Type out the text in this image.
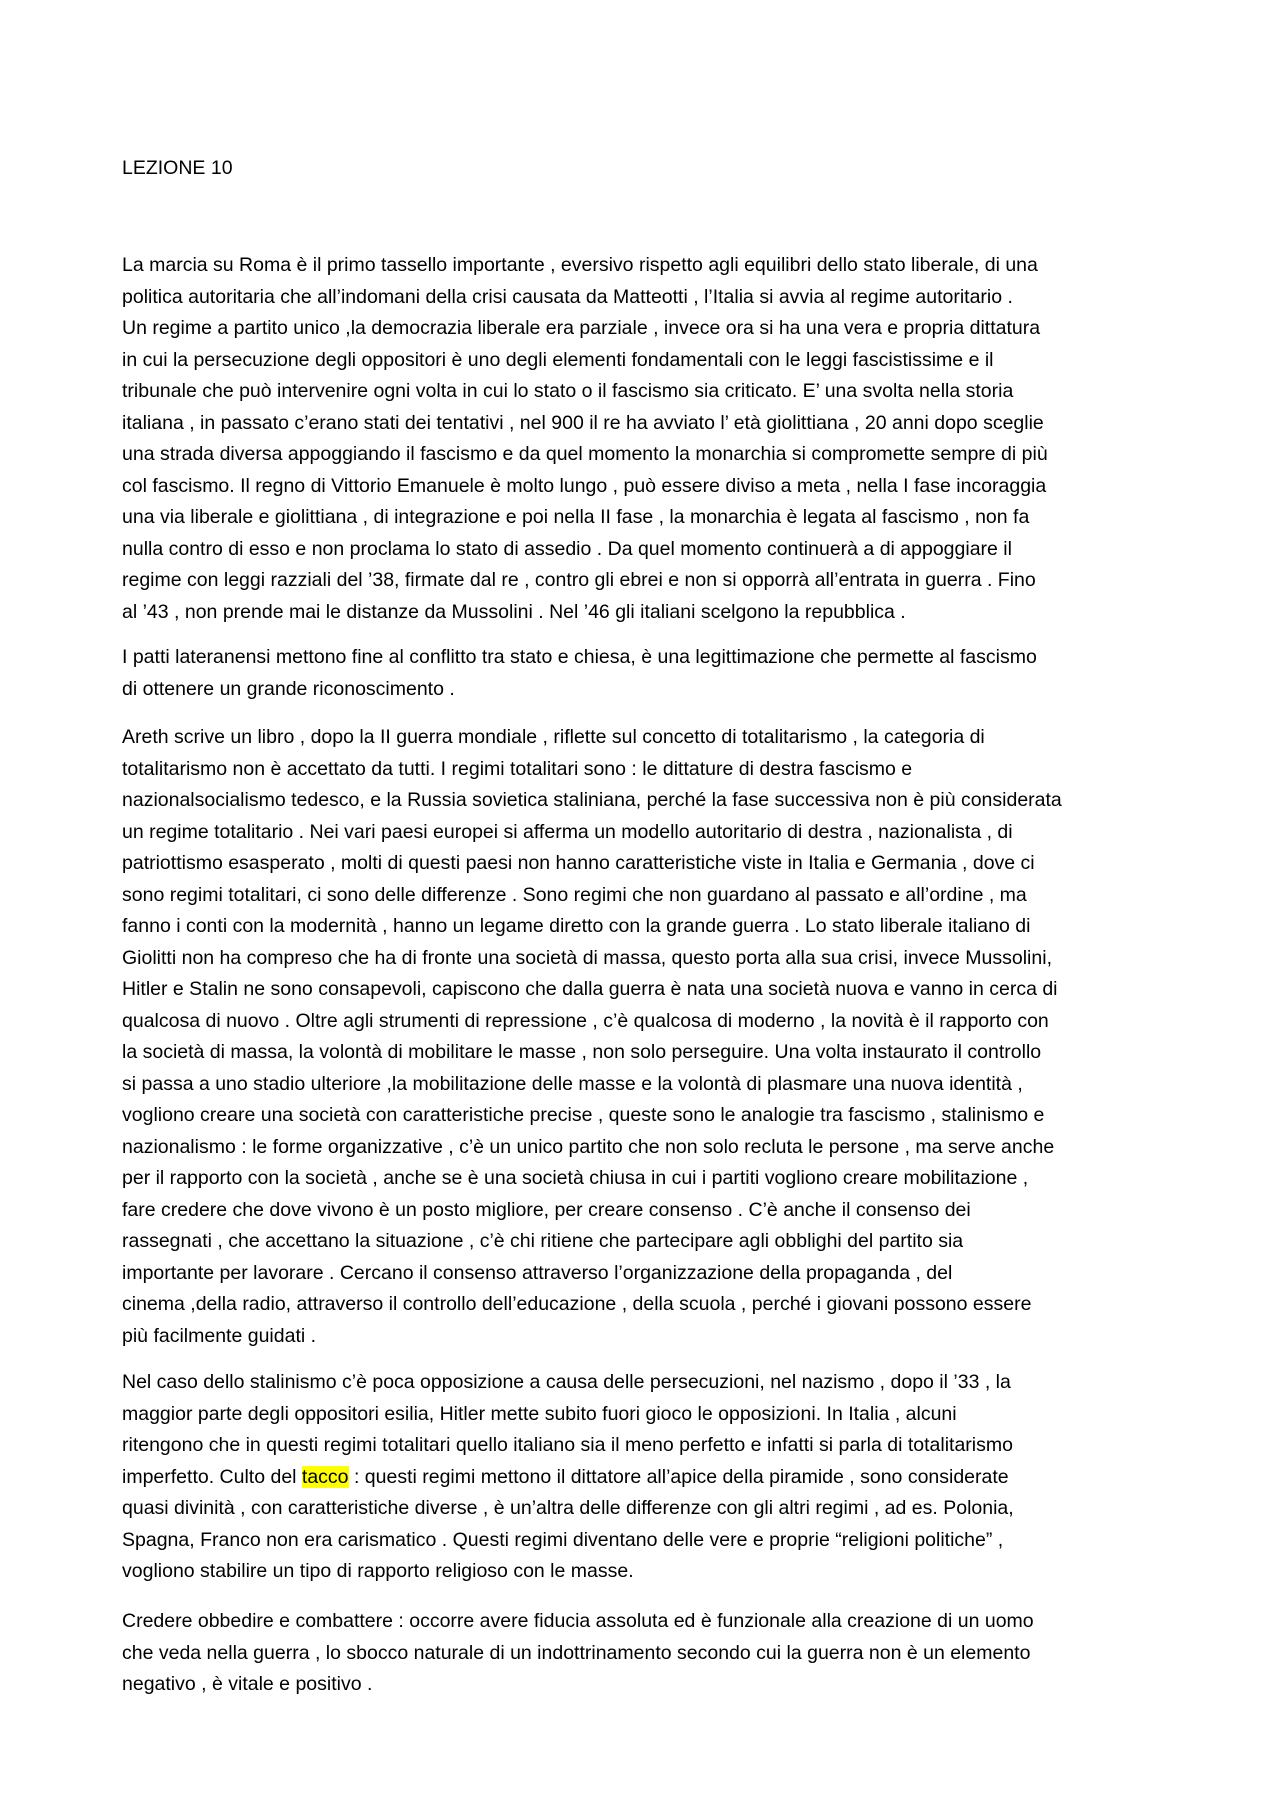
LEZIONE 10
La marcia su Roma è il primo tassello importante , eversivo rispetto agli equilibri dello stato liberale, di una
politica autoritaria che all’indomani della crisi causata da Matteotti , l’Italia si avvia al regime autoritario .
Un regime a partito unico ,la democrazia liberale era parziale , invece ora si ha una vera e propria dittatura
in cui la persecuzione degli oppositori è uno degli elementi fondamentali con le leggi fascistissime e il
tribunale che può intervenire ogni volta in cui lo stato o il fascismo sia criticato. E’ una svolta nella storia
italiana , in passato c’erano stati dei tentativi , nel 900 il re ha avviato l’ età giolittiana , 20 anni dopo sceglie
una strada diversa appoggiando il fascismo e da quel momento la monarchia si compromette sempre di più
col fascismo. Il regno di Vittorio Emanuele è molto lungo , può essere diviso a meta , nella I fase incoraggia
una via liberale e giolittiana , di integrazione e poi nella II fase , la monarchia è legata al fascismo , non fa
nulla contro di esso e non proclama lo stato di assedio . Da quel momento continuerà a di appoggiare il
regime con leggi razziali del ’38, firmate dal re , contro gli ebrei e non si opporrà all’entrata in guerra . Fino
al ’43 , non prende mai le distanze da Mussolini . Nel ’46 gli italiani scelgono la repubblica .
I patti lateranensi mettono fine al conflitto tra stato e chiesa, è una legittimazione che permette al fascismo
di ottenere un grande riconoscimento .
Areth scrive un libro , dopo la II guerra mondiale , riflette sul concetto di totalitarismo , la categoria di
totalitarismo non è accettato da tutti. I regimi totalitari sono : le dittature di destra fascismo e
nazionalsocialismo tedesco, e la Russia sovietica staliniana, perché la fase successiva non è più considerata
un regime totalitario . Nei vari paesi europei si afferma un modello autoritario di destra , nazionalista , di
patriottismo esasperato , molti di questi paesi non hanno caratteristiche viste in Italia e Germania , dove ci
sono regimi totalitari, ci sono delle differenze . Sono regimi che non guardano al passato e all’ordine , ma
fanno i conti con la modernità , hanno un legame diretto con la grande guerra . Lo stato liberale italiano di
Giolitti non ha compreso che ha di fronte una società di massa, questo porta alla sua crisi, invece Mussolini,
Hitler e Stalin ne sono consapevoli, capiscono che dalla guerra è nata una società nuova e vanno in cerca di
qualcosa di nuovo . Oltre agli strumenti di repressione , c’è qualcosa di moderno , la novità è il rapporto con
la società di massa, la volontà di mobilitare le masse , non solo perseguire. Una volta instaurato il controllo
si passa a uno stadio ulteriore ,la mobilitazione delle masse e la volontà di plasmare una nuova identità ,
vogliono creare una società con caratteristiche precise , queste sono le analogie tra fascismo , stalinismo e
nazionalismo : le forme organizzative , c’è un unico partito che non solo recluta le persone , ma serve anche
per il rapporto con la società , anche se è una società chiusa in cui i partiti vogliono creare mobilitazione ,
fare credere che dove vivono è un posto migliore, per creare consenso . C’è anche il consenso dei
rassegnati , che accettano la situazione , c’è chi ritiene che partecipare agli obblighi del partito sia
importante per lavorare . Cercano il consenso attraverso l’organizzazione della propaganda , del
cinema ,della radio, attraverso il controllo dell’educazione , della scuola , perché i giovani possono essere
più facilmente guidati .
Nel caso dello stalinismo c’è poca opposizione a causa delle persecuzioni, nel nazismo , dopo il ’33 , la
maggior parte degli oppositori esilia, Hitler mette subito fuori gioco le opposizioni. In Italia , alcuni
ritengono che in questi regimi totalitari quello italiano sia il meno perfetto e infatti si parla di totalitarismo
imperfetto. Culto del tacco : questi regimi mettono il dittatore all’apice della piramide , sono considerate
quasi divinità , con caratteristiche diverse , è un’altra delle differenze con gli altri regimi , ad es. Polonia,
Spagna, Franco non era carismatico . Questi regimi diventano delle vere e proprie “religioni politiche” ,
vogliono stabilire un tipo di rapporto religioso con le masse.
Credere obbedire e combattere : occorre avere fiducia assoluta ed è funzionale alla creazione di un uomo
che veda nella guerra , lo sbocco naturale di un indottrinamento secondo cui la guerra non è un elemento
negativo , è vitale e positivo .
